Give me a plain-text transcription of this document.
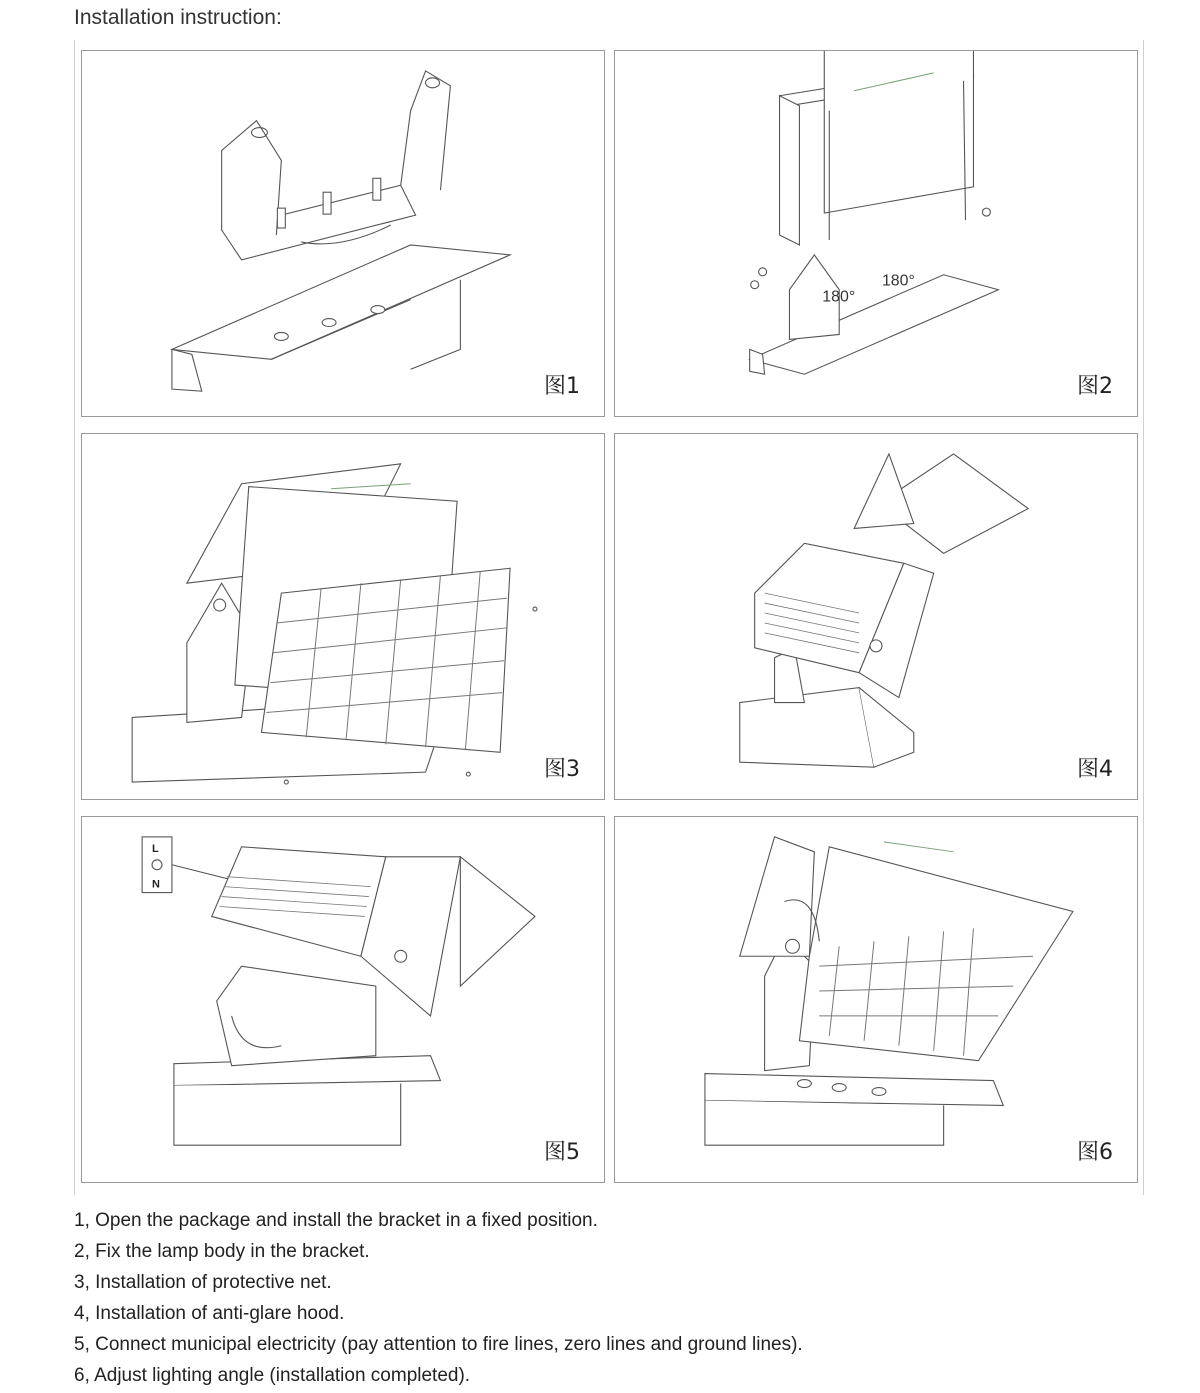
Installation instruction:
图1
180°
180°
图2
图3	图4
L
N
图5	图6
1, Open the package and install the bracket in a fixed position.
2, Fix the lamp body in the bracket.
3, Installation of protective net.
4, Installation of anti-glare hood.
5, Connect municipal electricity (pay attention to fire lines, zero lines and ground lines).
6, Adjust lighting angle (installation completed).
